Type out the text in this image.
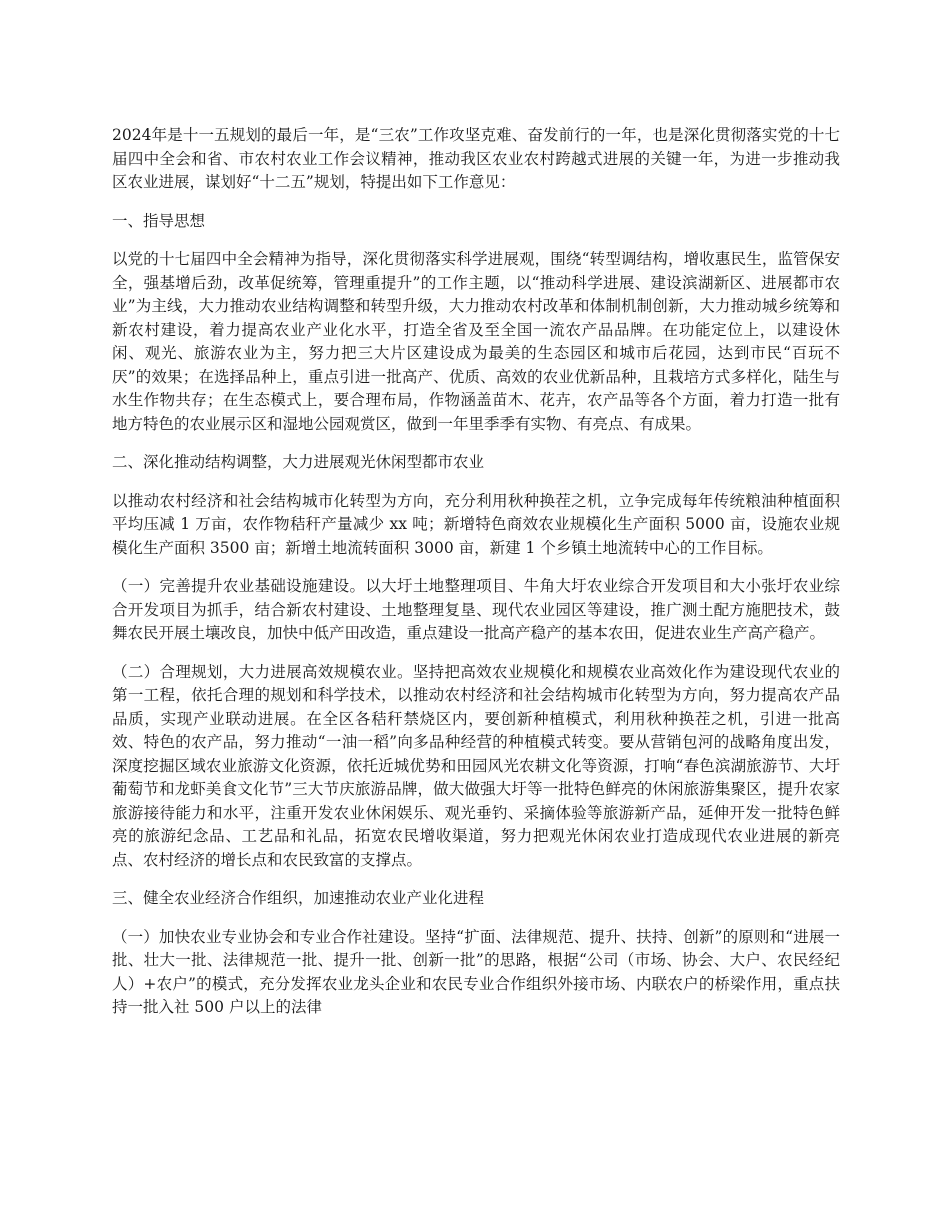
2024年是十一五规划的最后一年，是“三农”工作攻坚克难、奋发前行的一年，也是深化贯彻落实党的十七届四中全会和省、市农村农业工作会议精神，推动我区农业农村跨越式进展的关键一年，为进一步推动我区农业进展，谋划好“十二五”规划，特提出如下工作意见：

一、指导思想

以党的十七届四中全会精神为指导，深化贯彻落实科学进展观，围绕“转型调结构，增收惠民生，监管保安全，强基增后劲，改革促统筹，管理重提升”的工作主题，以“推动科学进展、建设滨湖新区、进展都市农业”为主线，大力推动农业结构调整和转型升级，大力推动农村改革和体制机制创新，大力推动城乡统筹和新农村建设，着力提高农业产业化水平，打造全省及至全国一流农产品品牌。在功能定位上，以建设休闲、观光、旅游农业为主，努力把三大片区建设成为最美的生态园区和城市后花园，达到市民“百玩不厌”的效果；在选择品种上，重点引进一批高产、优质、高效的农业优新品种，且栽培方式多样化，陆生与水生作物共存；在生态模式上，要合理布局，作物涵盖苗木、花卉，农产品等各个方面，着力打造一批有地方特色的农业展示区和湿地公园观赏区，做到一年里季季有实物、有亮点、有成果。

二、深化推动结构调整，大力进展观光休闲型都市农业

以推动农村经济和社会结构城市化转型为方向，充分利用秋种换茬之机，立争完成每年传统粮油种植面积平均压减 1 万亩，农作物秸秆产量减少 xx 吨；新增特色商效农业规模化生产面积 5000 亩，设施农业规模化生产面积 3500 亩；新增土地流转面积 3000 亩，新建 1 个乡镇土地流转中心的工作目标。

（一）完善提升农业基础设施建设。以大圩土地整理项目、牛角大圩农业综合开发项目和大小张圩农业综合开发项目为抓手，结合新农村建设、土地整理复垦、现代农业园区等建设，推广测土配方施肥技术，鼓舞农民开展土壤改良，加快中低产田改造，重点建设一批高产稳产的基本农田，促进农业生产高产稳产。

（二）合理规划，大力进展高效规模农业。坚持把高效农业规模化和规模农业高效化作为建设现代农业的第一工程，依托合理的规划和科学技术，以推动农村经济和社会结构城市化转型为方向，努力提高农产品品质，实现产业联动进展。在全区各秸秆禁烧区内，要创新种植模式，利用秋种换茬之机，引进一批高效、特色的农产品，努力推动“一油一稻”向多品种经营的种植模式转变。要从营销包河的战略角度出发，深度挖掘区域农业旅游文化资源，依托近城优势和田园风光农耕文化等资源，打响“春色滨湖旅游节、大圩葡萄节和龙虾美食文化节”三大节庆旅游品牌，做大做强大圩等一批特色鲜亮的休闲旅游集聚区，提升农家旅游接待能力和水平，注重开发农业休闲娱乐、观光垂钓、采摘体验等旅游新产品，延伸开发一批特色鲜亮的旅游纪念品、工艺品和礼品，拓宽农民增收渠道，努力把观光休闲农业打造成现代农业进展的新亮点、农村经济的增长点和农民致富的支撑点。

三、健全农业经济合作组织，加速推动农业产业化进程

（一）加快农业专业协会和专业合作社建设。坚持“扩面、法律规范、提升、扶持、创新”的原则和“进展一批、壮大一批、法律规范一批、提升一批、创新一批”的思路，根据“公司（市场、协会、大户、农民经纪人）+农户”的模式，充分发挥农业龙头企业和农民专业合作组织外接市场、内联农户的桥梁作用，重点扶持一批入社 500 户以上的法律
